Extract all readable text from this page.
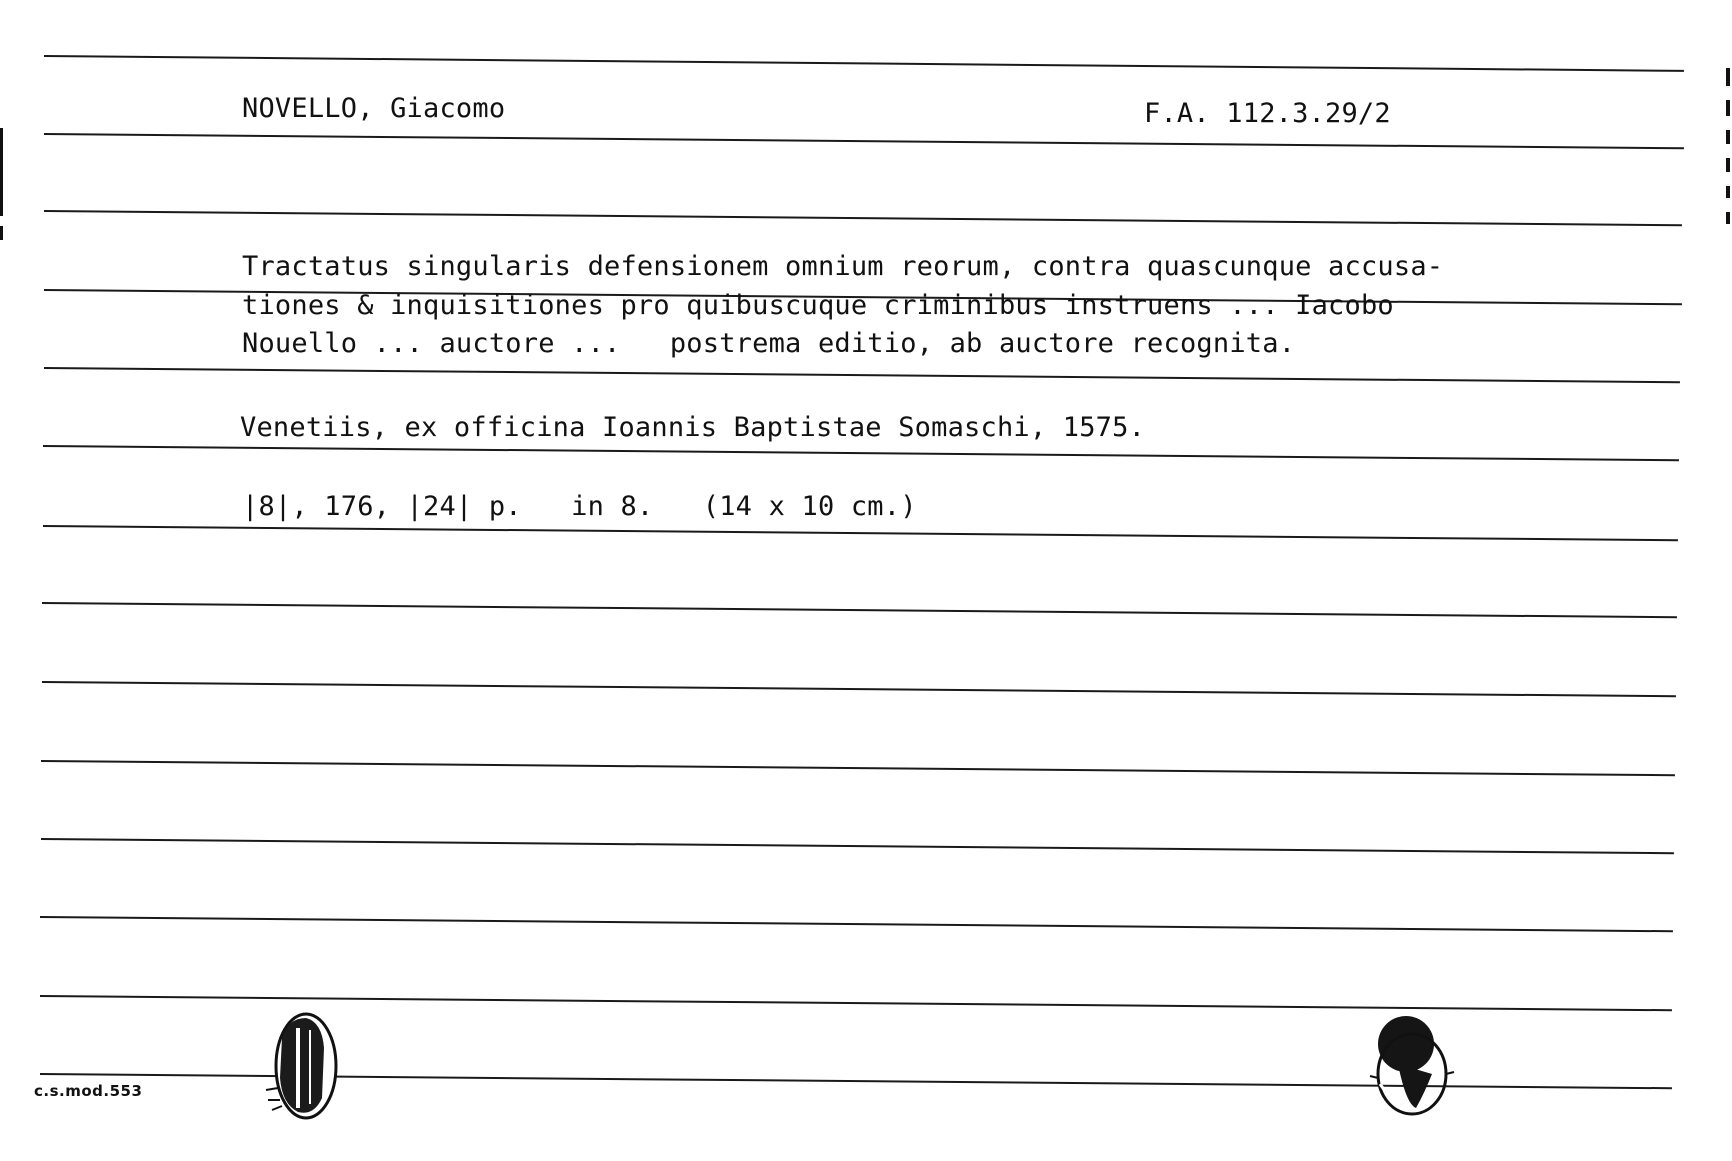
NOVELLO, Giacomo	F.A. 112.3.29/2
Tractatus singularis defensionem omnium reorum, contra quascunque accusa-
tiones & inquisitiones pro quibuscuque criminibus instruens ... Iacobo
Nouello ... auctore ...   postrema editio, ab auctore recognita.
Venetiis, ex officina Ioannis Baptistae Somaschi, 1575.
|8|, 176, |24| p.   in 8.   (14 x 10 cm.)
c.s.mod.553
